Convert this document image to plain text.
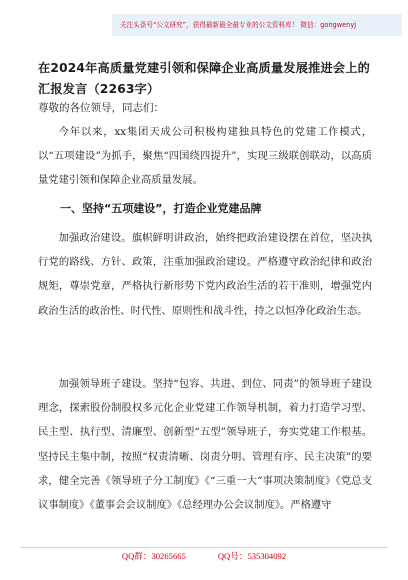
关注头条号“公文研究”，获得最新最全最专业的公文资料库！ 微信：gongwenyj
在2024年高质量党建引领和保障企业高质量发展推进会上的汇报发言（2263字）

尊敬的各位领导，同志们：

今年以来，xx集团天成公司积极构建独具特色的党建工作模式，以“五项建设”为抓手，聚焦“四国绕四提升”，实现三级联创联动，以高质量党建引领和保障企业高质量发展。

一、坚持“五项建设”，打造企业党建品牌

加强政治建设。旗帜鲜明讲政治，始终把政治建设摆在首位，坚决执行党的路线、方针、政策，注重加强政治建设。严格遵守政治纪律和政治规矩，尊崇党章，严格执行新形势下党内政治生活的若干准则，增强党内政治生活的政治性、时代性、原则性和战斗性，持之以恒净化政治生态。

加强领导班子建设。坚持“包容、共进、到位、同责”的领导班子建设理念，探索股份制股权多元化企业党建工作领导机制，着力打造学习型、民主型、执行型、清廉型、创新型“五型”领导班子，夯实党建工作根基。坚持民主集中制，按照“权责清晰、岗责分明、管理有序、民主决策”的要求，健全完善《领导班子分工制度》《“三重一大”事项决策制度》《党总支议事制度》《董事会会议制度》《总经理办公会议制度》。严格遵守

QQ群：30265665	QQ号：535304092
